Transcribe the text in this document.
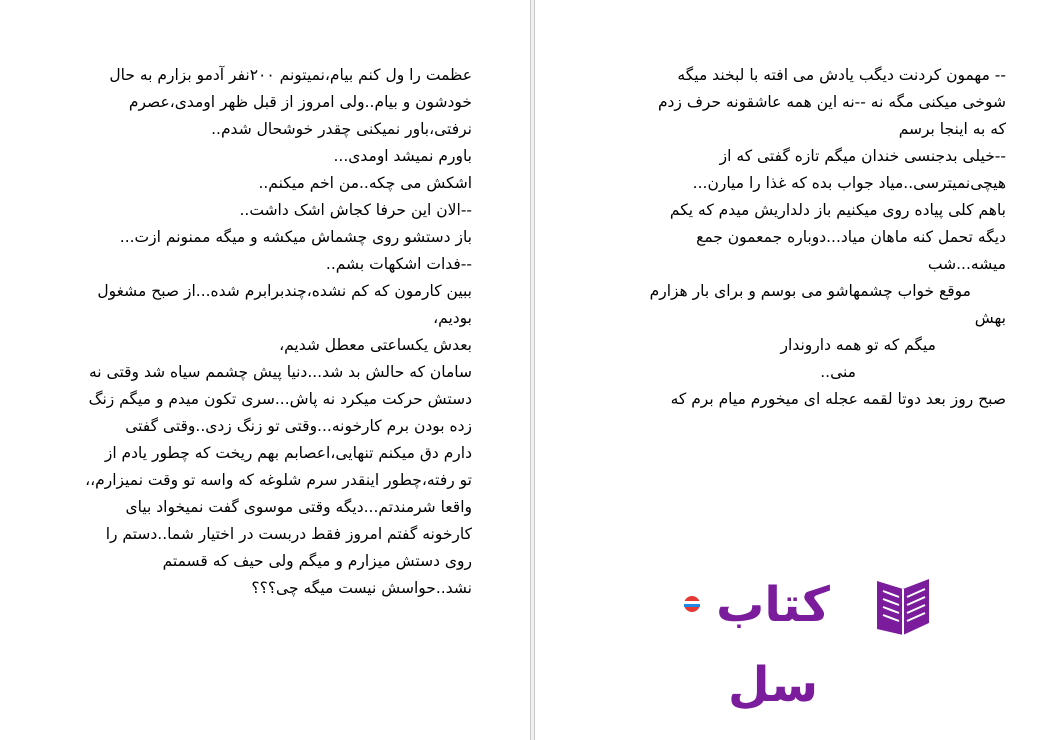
عظمت را ول کنم بیام،نمیتونم ۲۰۰نفر آدمو بزارم به حال
خودشون و بیام..ولی امروز از قبل ظهر اومدی،عصرم
نرفتی،باور نمیکنی چقدر خوشحال شدم..
باورم نمیشد اومدی...
اشکش می چکه..من اخم میکنم..
--الان این حرفا کجاش اشک داشت..
باز دستشو روی چشماش میکشه و میگه ممنونم ازت...
--فدات اشکهات بشم..
ببین کارمون که کم نشده،چندبرابرم شده...از صبح مشغول
بودیم،
بعدش یکساعتی معطل شدیم،
سامان که حالش بد شد...دنیا پیش چشمم سیاه شد وقتی نه
دستش حرکت میکرد نه پاش...سری تکون میدم و میگم زنگ
زده بودن برم کارخونه...وقتی تو زنگ زدی..وقتی گفتی
دارم دق میکنم تنهایی،اعصابم بهم ریخت که چطور یادم از
تو رفته،چطور اینقدر سرم شلوغه که واسه تو وقت نمیزارم،،
واقعا شرمندتم...دیگه وقتی موسوی گفت نمیخواد بیای
کارخونه گفتم امروز فقط دربست در اختیار شما..دستم را
روی دستش میزارم و میگم ولی حیف که قسمتم
نشد..حواسش نیست میگه چی؟؟؟
-- مهمون کردنت دیگب یادش می افته با لبخند میگه
شوخی میکنی مگه نه --نه این همه عاشقونه حرف زدم
که به اینجا برسم
--خیلی بدجنسی خندان میگم تازه گفتی که از
هیچی‌نمیترسی..میاد جواب بده که غذا را میارن...
باهم کلی پیاده روی میکنیم باز دلداریش میدم که یکم
دیگه تحمل کنه ماهان میاد...دوباره جمعمون جمع
میشه...شب
موقع خواب چشمهاشو می بوسم و برای بار هزارم
بهش
میگم که تو همه داروندار
منی..
صبح روز بعد دوتا لقمه عجله ای میخورم میام برم که
کتاب سل
